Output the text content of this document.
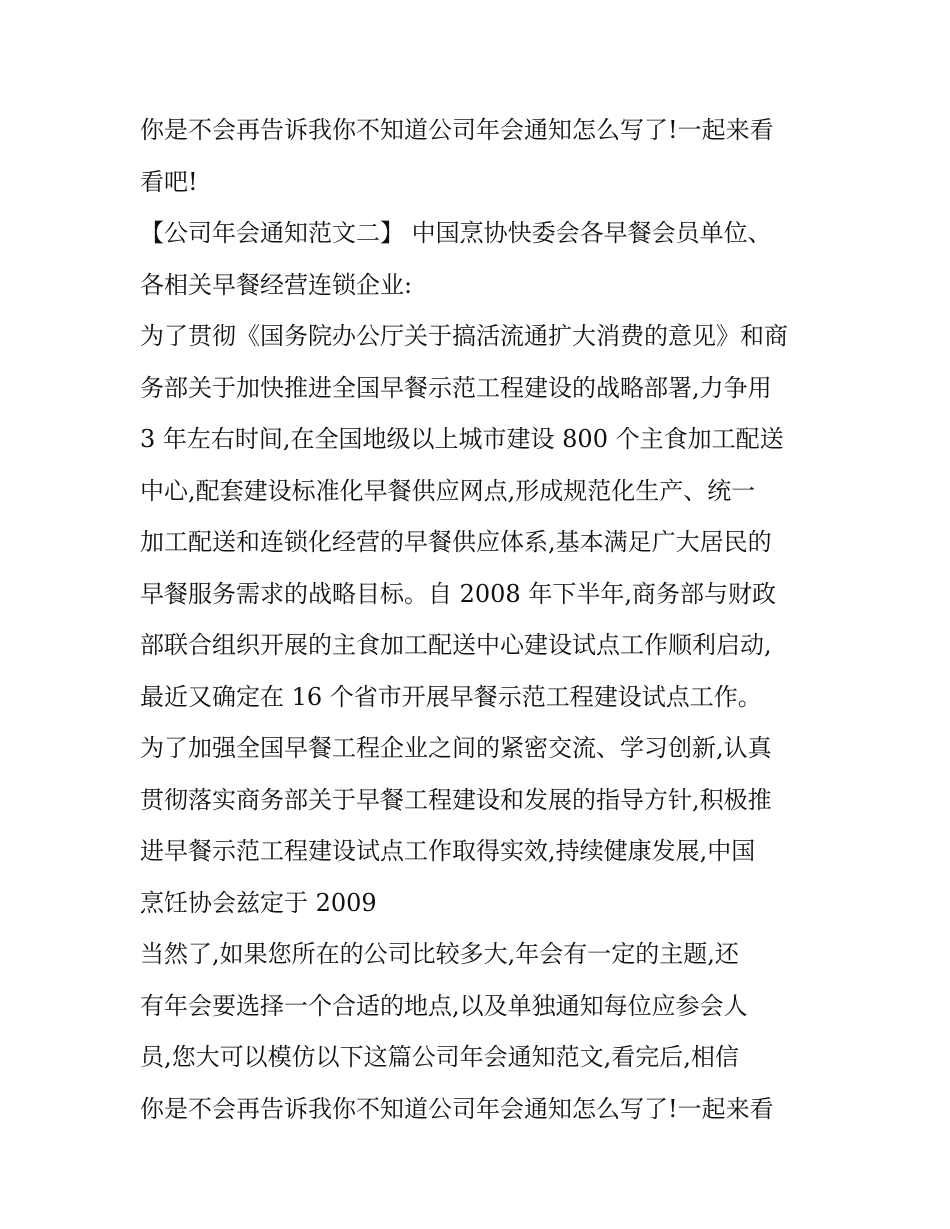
你是不会再告诉我你不知道公司年会通知怎么写了!一起来看
看吧!
【公司年会通知范文二】 中国烹协快委会各早餐会员单位、
各相关早餐经营连锁企业:
为了贯彻《国务院办公厅关于搞活流通扩大消费的意见》和商
务部关于加快推进全国早餐示范工程建设的战略部署,力争用
3 年左右时间,在全国地级以上城市建设 800 个主食加工配送
中心,配套建设标准化早餐供应网点,形成规范化生产、统一
加工配送和连锁化经营的早餐供应体系,基本满足广大居民的
早餐服务需求的战略目标。自 2008 年下半年,商务部与财政
部联合组织开展的主食加工配送中心建设试点工作顺利启动,
最近又确定在 16 个省市开展早餐示范工程建设试点工作。
为了加强全国早餐工程企业之间的紧密交流、学习创新,认真
贯彻落实商务部关于早餐工程建设和发展的指导方针,积极推
进早餐示范工程建设试点工作取得实效,持续健康发展,中国
烹饪协会兹定于 2009
当然了,如果您所在的公司比较多大,年会有一定的主题,还
有年会要选择一个合适的地点,以及单独通知每位应参会人
员,您大可以模仿以下这篇公司年会通知范文,看完后,相信
你是不会再告诉我你不知道公司年会通知怎么写了!一起来看
